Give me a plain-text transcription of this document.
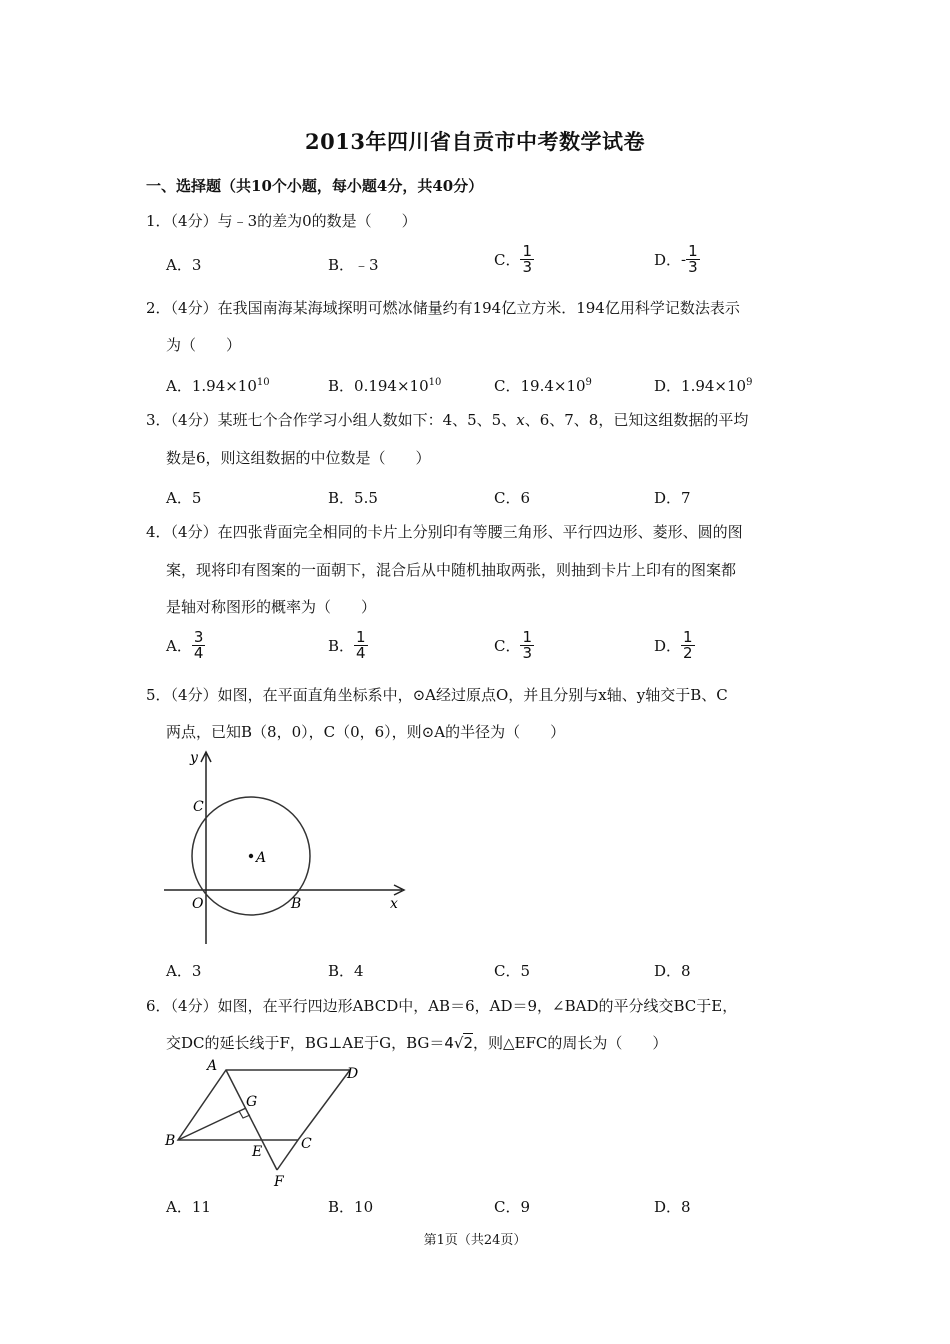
2013年四川省自贡市中考数学试卷
一、选择题（共10个小题，每小题4分，共40分）
1．（4分）与﹣3的差为0的数是（　　）
A．3	B．﹣3	C． $\frac{1}{3}$	D．- $\frac{1}{3}$
2．（4分）在我国南海某海域探明可燃冰储量约有194亿立方米．194亿用科学记数法表示
为（　　）
A．$1.94\times 10^{10}$	B．$0.194\times 10^{10}$	C．$19.4\times 10^9$	D．$1.94\times 10^9$
3．（4分）某班七个合作学习小组人数如下：4、5、5、x、6、7、8，已知这组数据的平均
数是6，则这组数据的中位数是（　　）
A．5	B．5.5	C．6	D．7
4．（4分）在四张背面完全相同的卡片上分别印有等腰三角形、平行四边形、菱形、圆的图
案，现将印有图案的一面朝下，混合后从中随机抽取两张，则抽到卡片上印有的图案都
是轴对称图形的概率为（　　）
A． $\frac{3}{4}$	B． $\frac{1}{4}$	C． $\frac{1}{3}$	D． $\frac{1}{2}$
5．（4分）如图，在平面直角坐标系中，⊙A经过原点O，并且分别与x轴、y轴交于B、C
两点，已知B（8，0），C（0，6），则⊙A的半径为（　　）
y
x
O	B
C
A
A．3	B．4	C．5	D．8
6．（4分）如图，在平行四边形ABCD中，AB＝6，AD＝9，∠BAD的平分线交BC于E，
交DC的延长线于F，BG⊥AE于G，BG＝4√2，则△EFC的周长为（　　）
A	D
B	C
E
F
G
A．11	B．10	C．9	D．8
第1页（共24页）
